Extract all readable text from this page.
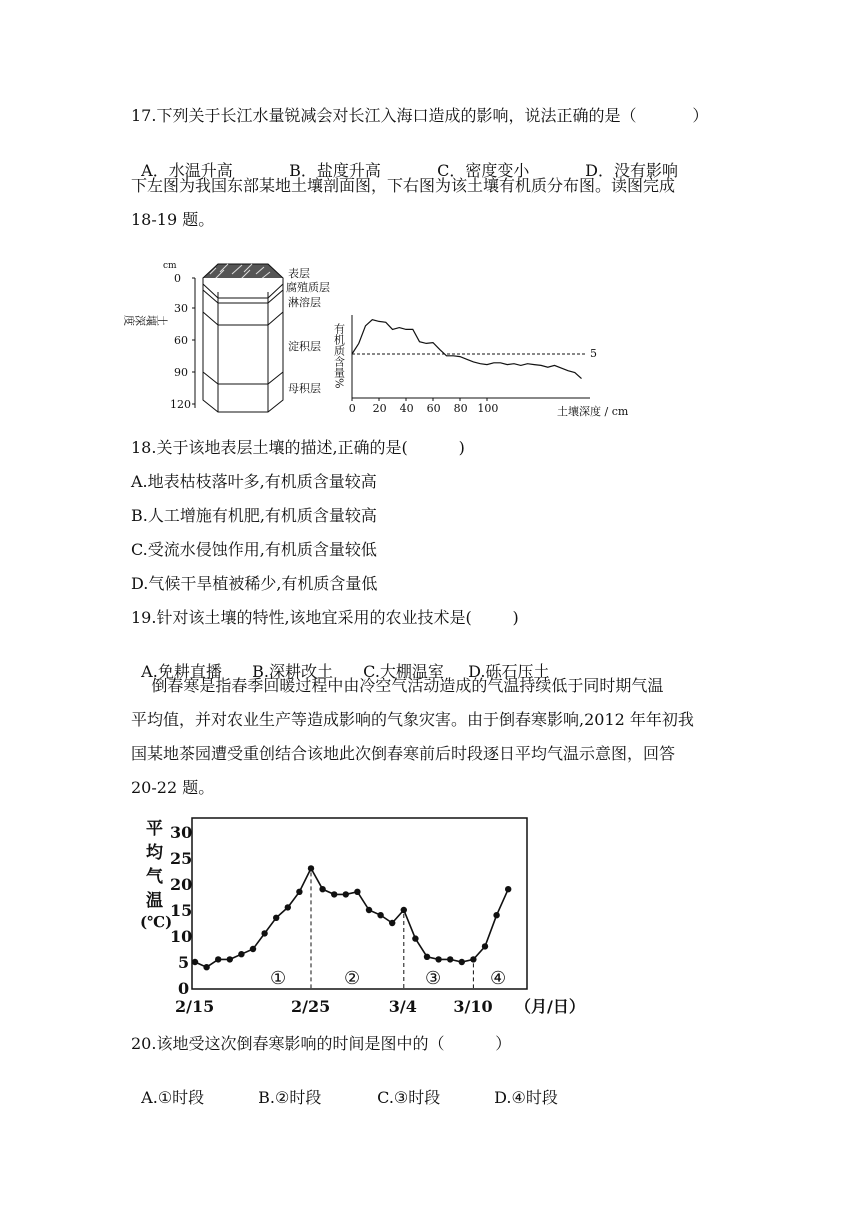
17.下列关于长江水量锐减会对长江入海口造成的影响，说法正确的是（           ）

A．水温升高	B．盐度升高	C．密度变小	D．没有影响

下左图为我国东部某地土壤剖面图，下右图为该土壤有机质分布图。读图完成
18-19 题。
cm
土壤深度
0
30
60
90
120
表层
腐殖质层
淋溶层
淀积层
母积层
有机质含量%	5
0 20 40 60 80 100	土壤深度 / cm
18.关于该地表层土壤的描述,正确的是(          )
A.地表枯枝落叶多,有机质含量较高
B.人工增施有机肥,有机质含量较高
C.受流水侵蚀作用,有机质含量较低
D.气候干旱植被稀少,有机质含量低
19.针对该土壤的特性,该地宜采用的农业技术是(        )

A.免耕直播 B.深耕改土 C.大棚温室 D.砾石压土

倒春寒是指春季回暖过程中由冷空气活动造成的气温持续低于同时期气温
平均值，并对农业生产等造成影响的气象灾害。由于倒春寒影响,2012 年年初我
国某地茶园遭受重创结合该地此次倒春寒前后时段逐日平均气温示意图，回答
20-22 题。
平
均
气
温
(℃)
0
5
10
15
20
25
30
2/15	2/25	3/4 3/10
①	②	③	④
（月/日）
20.该地受这次倒春寒影响的时间是图中的（          ）

A.①时段	B.②时段	C.③时段	D.④时段
